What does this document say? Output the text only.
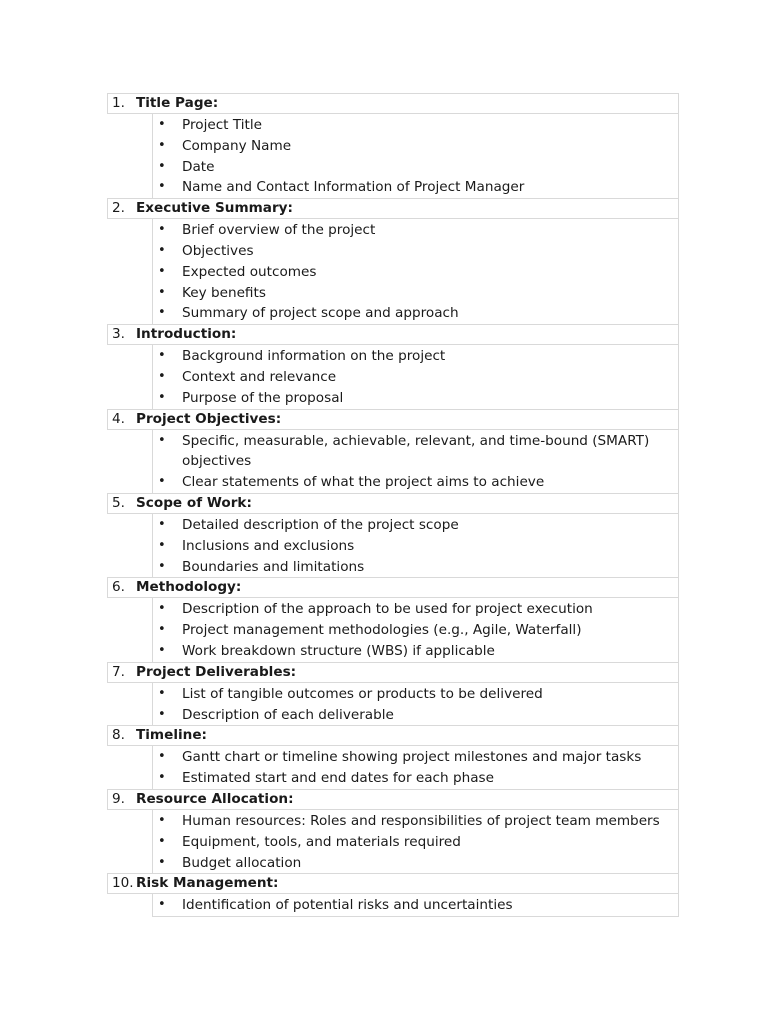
1. Title Page:
• Project Title
• Company Name
• Date
• Name and Contact Information of Project Manager
2. Executive Summary:
• Brief overview of the project
• Objectives
• Expected outcomes
• Key benefits
• Summary of project scope and approach
3. Introduction:
• Background information on the project
• Context and relevance
• Purpose of the proposal
4. Project Objectives:
• Specific, measurable, achievable, relevant, and time-bound (SMART) objectives
• Clear statements of what the project aims to achieve
5. Scope of Work:
• Detailed description of the project scope
• Inclusions and exclusions
• Boundaries and limitations
6. Methodology:
• Description of the approach to be used for project execution
• Project management methodologies (e.g., Agile, Waterfall)
• Work breakdown structure (WBS) if applicable
7. Project Deliverables:
• List of tangible outcomes or products to be delivered
• Description of each deliverable
8. Timeline:
• Gantt chart or timeline showing project milestones and major tasks
• Estimated start and end dates for each phase
9. Resource Allocation:
• Human resources: Roles and responsibilities of project team members
• Equipment, tools, and materials required
• Budget allocation
10. Risk Management:
• Identification of potential risks and uncertainties
